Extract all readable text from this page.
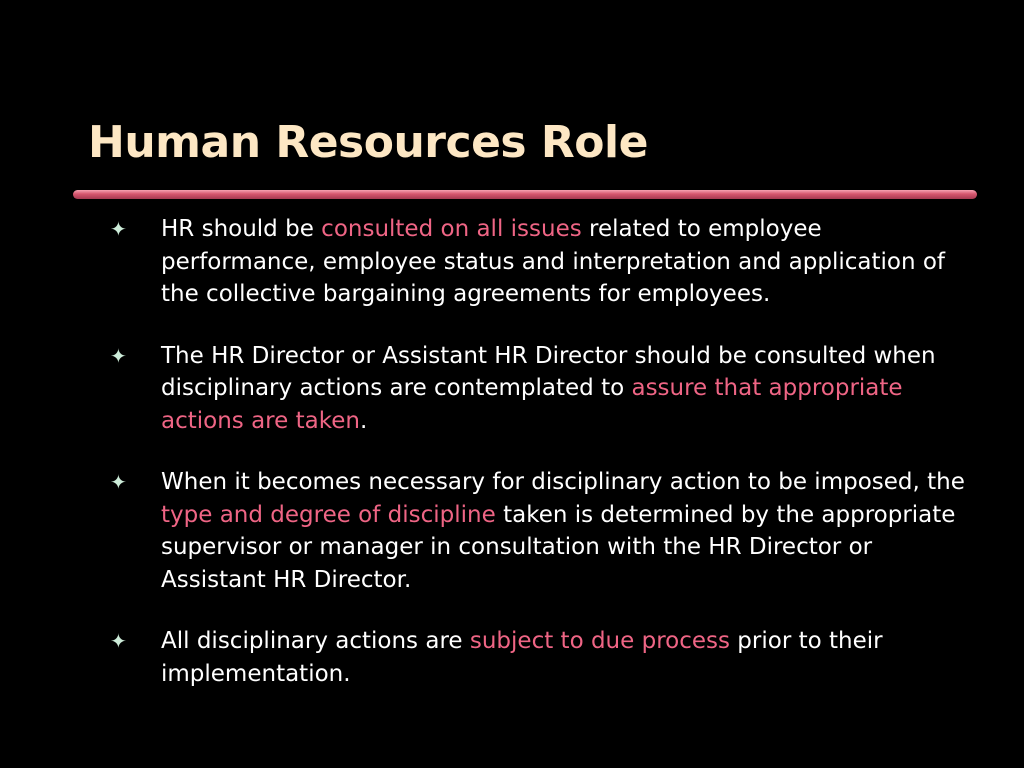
Human Resources Role
✦ HR should be consulted on all issues related to employee performance, employee status and interpretation and application of the collective bargaining agreements for employees.
✦ The HR Director or Assistant HR Director should be consulted when disciplinary actions are contemplated to assure that appropriate actions are taken.
✦ When it becomes necessary for disciplinary action to be imposed, the type and degree of discipline taken is determined by the appropriate supervisor or manager in consultation with the HR Director or Assistant HR Director.
✦ All disciplinary actions are subject to due process prior to their implementation.
